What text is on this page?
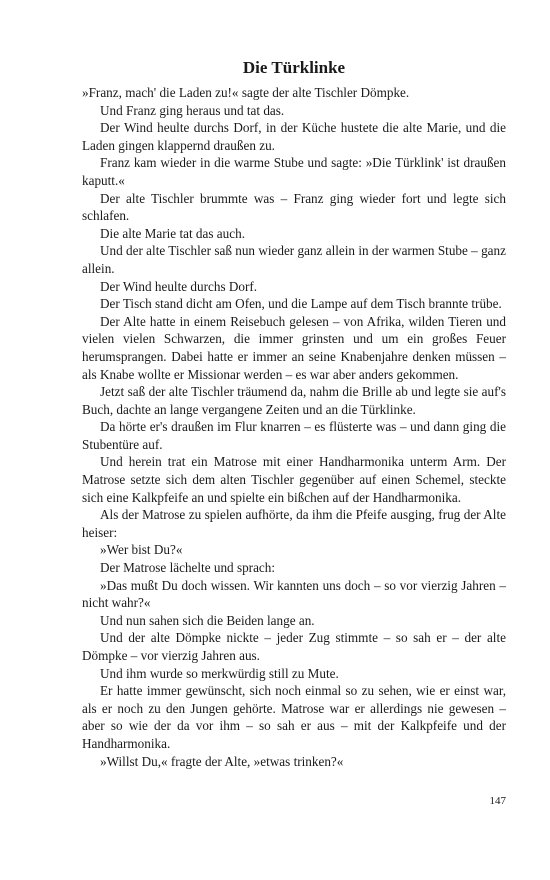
Die Türklinke

»Franz, mach' die Laden zu!« sagte der alte Tischler Dömpke.

Und Franz ging heraus und tat das.

Der Wind heulte durchs Dorf, in der Küche hustete die alte Marie, und die Laden gingen klappernd draußen zu.

Franz kam wieder in die warme Stube und sagte: »Die Türklink' ist draußen kaputt.«

Der alte Tischler brummte was – Franz ging wieder fort und legte sich schlafen.

Die alte Marie tat das auch.

Und der alte Tischler saß nun wieder ganz allein in der warmen Stube – ganz allein.

Der Wind heulte durchs Dorf.

Der Tisch stand dicht am Ofen, und die Lampe auf dem Tisch brannte trübe.

Der Alte hatte in einem Reisebuch gelesen – von Afrika, wilden Tieren und vielen vielen Schwarzen, die immer grinsten und um ein großes Feuer herumsprangen. Dabei hatte er immer an seine Knabenjahre denken müssen – als Knabe wollte er Missionar werden – es war aber anders gekommen.

Jetzt saß der alte Tischler träumend da, nahm die Brille ab und legte sie auf's Buch, dachte an lange vergangene Zeiten und an die Türklinke.

Da hörte er's draußen im Flur knarren – es flüsterte was – und dann ging die Stubentüre auf.

Und herein trat ein Matrose mit einer Handharmonika unterm Arm. Der Matrose setzte sich dem alten Tischler gegenüber auf einen Schemel, steckte sich eine Kalkpfeife an und spielte ein bißchen auf der Handharmonika.

Als der Matrose zu spielen aufhörte, da ihm die Pfeife ausging, frug der Alte heiser:

»Wer bist Du?«

Der Matrose lächelte und sprach:

»Das mußt Du doch wissen. Wir kannten uns doch – so vor vierzig Jahren – nicht wahr?«

Und nun sahen sich die Beiden lange an.

Und der alte Dömpke nickte – jeder Zug stimmte – so sah er – der alte Dömpke – vor vierzig Jahren aus.

Und ihm wurde so merkwürdig still zu Mute.

Er hatte immer gewünscht, sich noch einmal so zu sehen, wie er einst war, als er noch zu den Jungen gehörte. Matrose war er allerdings nie gewesen – aber so wie der da vor ihm – so sah er aus – mit der Kalkpfeife und der Handharmonika.

»Willst Du,« fragte der Alte, »etwas trinken?«

147
